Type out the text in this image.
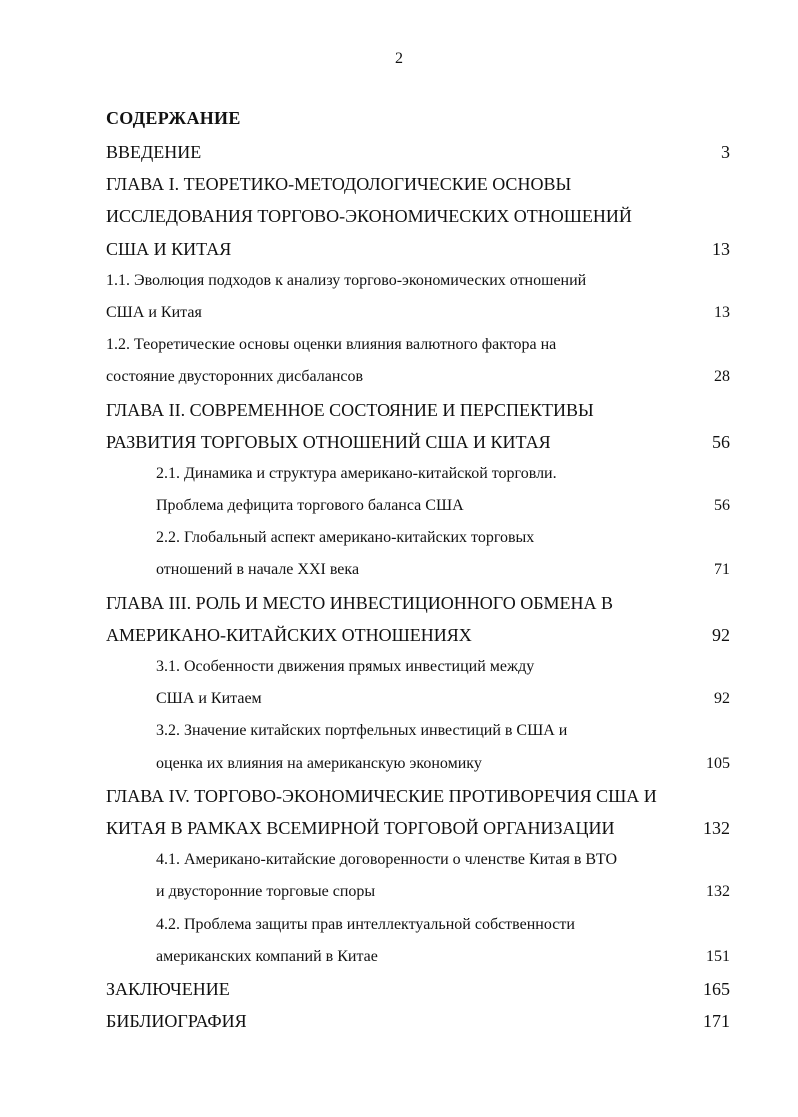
2
СОДЕРЖАНИЕ
ВВЕДЕНИЕ	3
ГЛАВА I. ТЕОРЕТИКО-МЕТОДОЛОГИЧЕСКИЕ ОСНОВЫ
ИССЛЕДОВАНИЯ ТОРГОВО-ЭКОНОМИЧЕСКИХ ОТНОШЕНИЙ
США И КИТАЯ	13
1.1. Эволюция подходов к анализу торгово-экономических отношений
США и Китая	13
1.2. Теоретические основы оценки влияния валютного фактора на
состояние двусторонних дисбалансов	28
ГЛАВА II. СОВРЕМЕННОЕ СОСТОЯНИЕ И ПЕРСПЕКТИВЫ
РАЗВИТИЯ ТОРГОВЫХ ОТНОШЕНИЙ США И КИТАЯ	56
2.1. Динамика и структура американо-китайской торговли.
Проблема дефицита торгового баланса США	56
2.2. Глобальный аспект американо-китайских торговых
отношений в начале XXI века	71
ГЛАВА III. РОЛЬ И МЕСТО ИНВЕСТИЦИОННОГО ОБМЕНА В
АМЕРИКАНО-КИТАЙСКИХ ОТНОШЕНИЯХ	92
3.1. Особенности движения прямых инвестиций между
США и Китаем	92
3.2. Значение китайских портфельных инвестиций в США и
оценка их влияния на американскую экономику	105
ГЛАВА IV. ТОРГОВО-ЭКОНОМИЧЕСКИЕ ПРОТИВОРЕЧИЯ США И
КИТАЯ В РАМКАХ ВСЕМИРНОЙ ТОРГОВОЙ ОРГАНИЗАЦИИ	132
4.1. Американо-китайские договоренности о членстве Китая в ВТО
и двусторонние торговые споры	132
4.2. Проблема защиты прав интеллектуальной собственности
американских компаний в Китае	151
ЗАКЛЮЧЕНИЕ	165
БИБЛИОГРАФИЯ	171
